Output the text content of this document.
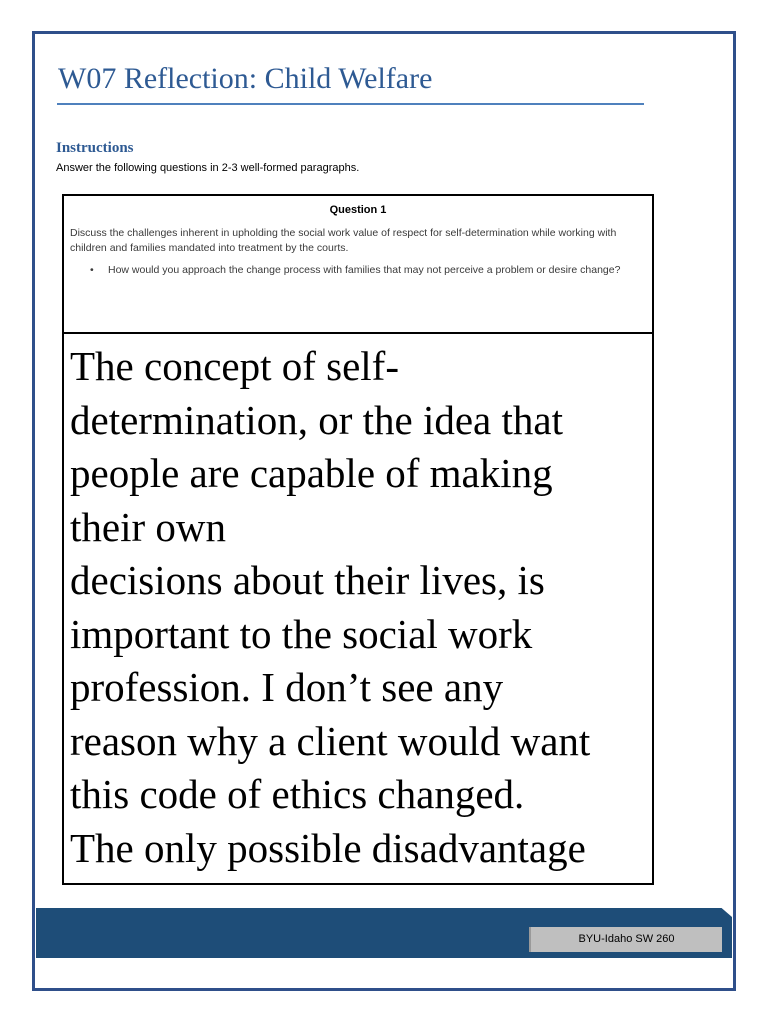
W07 Reflection: Child Welfare
Instructions
Answer the following questions in 2-3 well-formed paragraphs.
Question 1
Discuss the challenges inherent in upholding the social work value of respect for self-determination while working with children and families mandated into treatment by the courts.
•	How would you approach the change process with families that may not perceive a problem or desire change?
The concept of self-
determination, or the idea that
people are capable of making
their own
decisions about their lives, is
important to the social work
profession. I don’t see any
reason why a client would want
this code of ethics changed.
The only possible disadvantage
BYU-Idaho SW 260
